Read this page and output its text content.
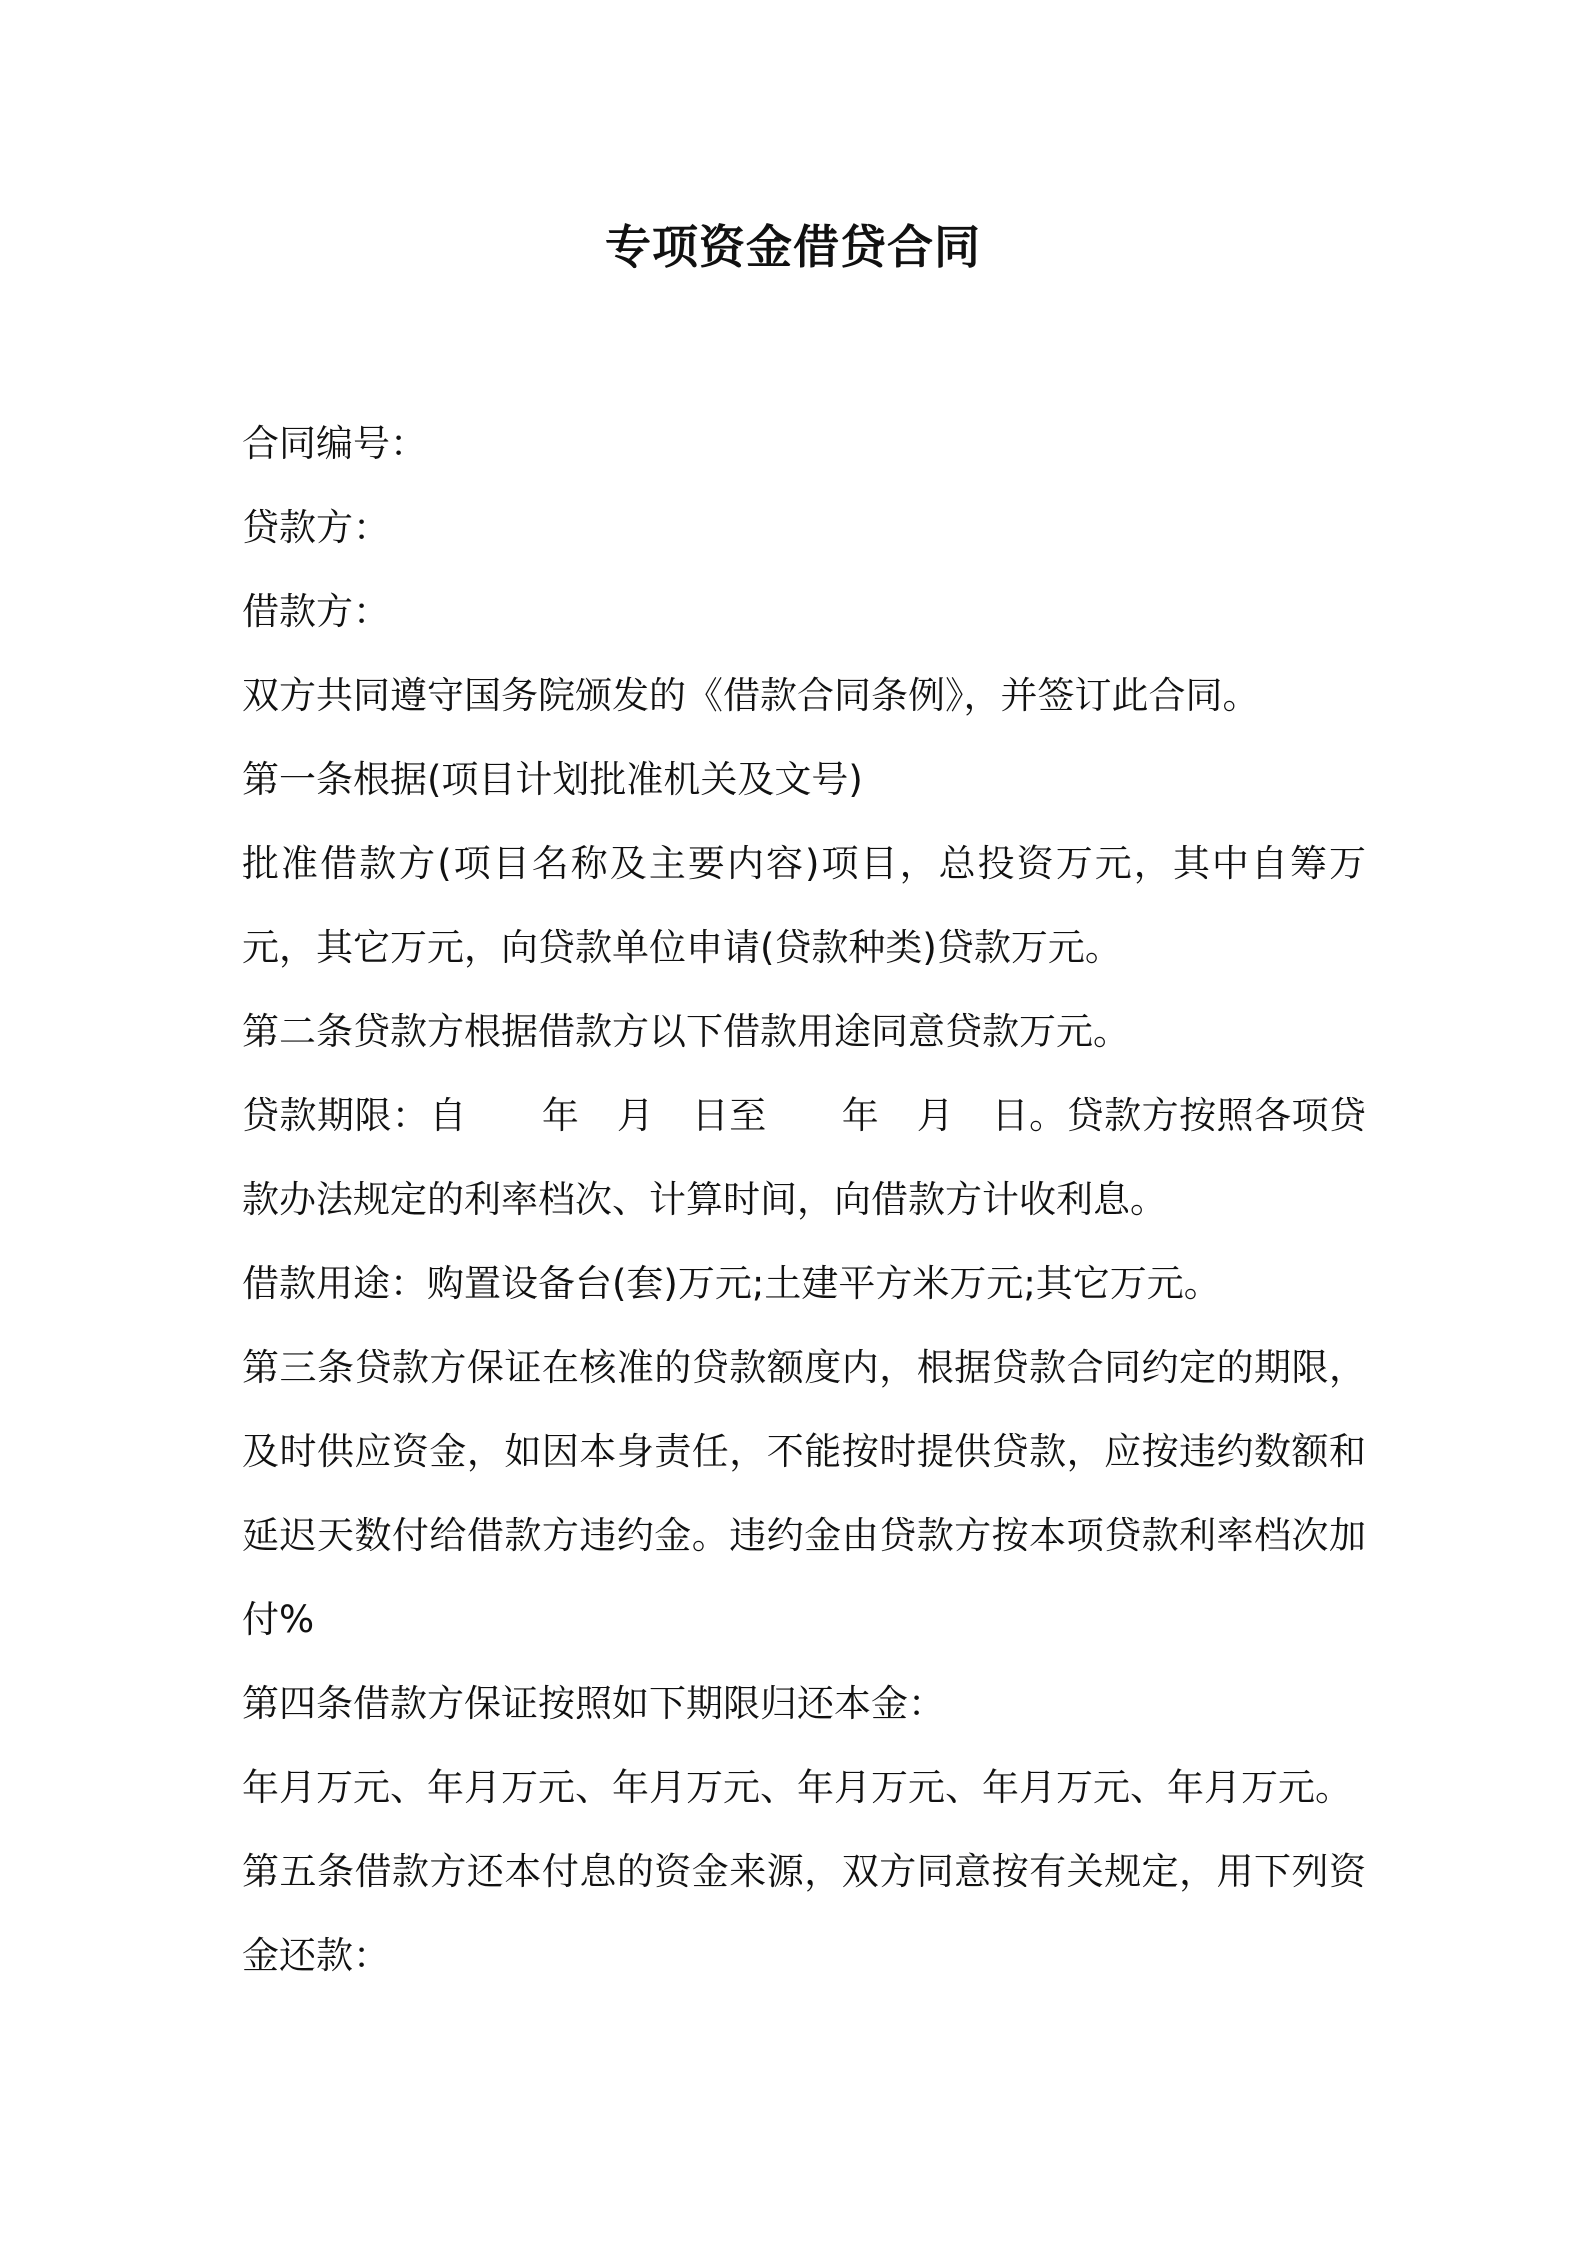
专项资金借贷合同

合同编号：

贷款方：

借款方：

双方共同遵守国务院颁发的《借款合同条例》，并签订此合同。

第一条根据(项目计划批准机关及文号)

批准借款方(项目名称及主要内容)项目，总投资万元，其中自筹万元，其它万元，向贷款单位申请(贷款种类)贷款万元。

第二条贷款方根据借款方以下借款用途同意贷款万元。

贷款期限：自　　年　月　日至　　年　月　日。贷款方按照各项贷款办法规定的利率档次、计算时间，向借款方计收利息。

借款用途：购置设备台(套)万元;土建平方米万元;其它万元。

第三条贷款方保证在核准的贷款额度内，根据贷款合同约定的期限，及时供应资金，如因本身责任，不能按时提供贷款，应按违约数额和延迟天数付给借款方违约金。违约金由贷款方按本项贷款利率档次加付%

第四条借款方保证按照如下期限归还本金：

年月万元、年月万元、年月万元、年月万元、年月万元、年月万元。

第五条借款方还本付息的资金来源，双方同意按有关规定，用下列资金还款：
